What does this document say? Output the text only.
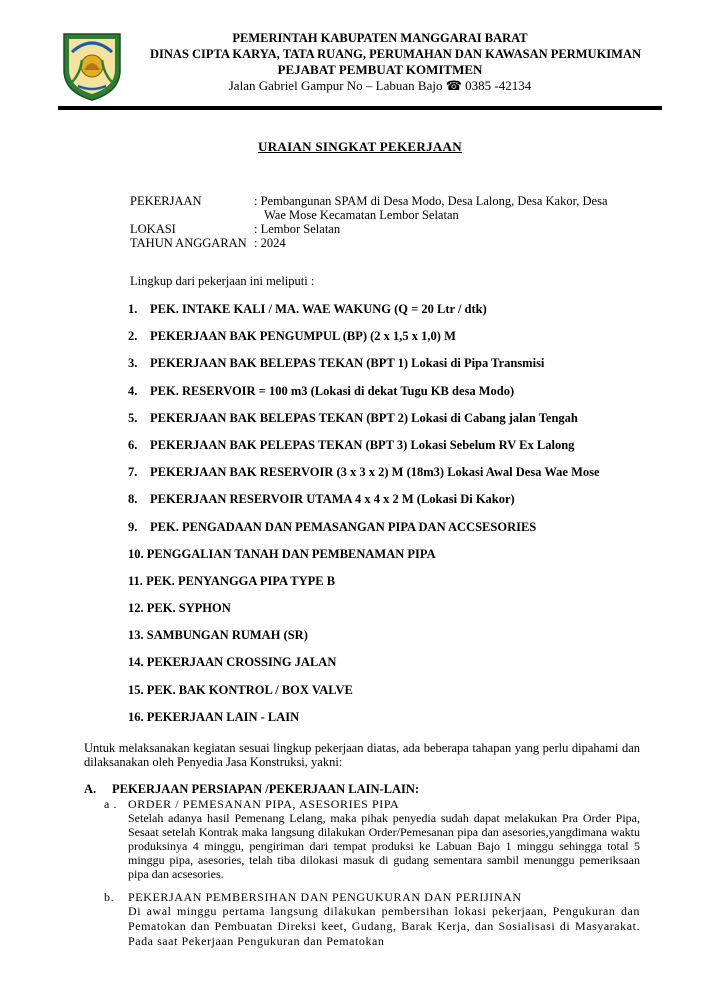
PEMERINTAH KABUPATEN MANGGARAI BARAT
DINAS CIPTA KARYA, TATA RUANG, PERUMAHAN DAN KAWASAN PERMUKIMAN
PEJABAT PEMBUAT KOMITMEN
Jalan Gabriel Gampur No – Labuan Bajo ☎ 0385 -42134
URAIAN SINGKAT PEKERJAAN
PEKERJAAN	: Pembangunan SPAM di Desa Modo, Desa Lalong, Desa Kakor, Desa
Wae Mose Kecamatan Lembor Selatan
LOKASI	: Lembor Selatan
TAHUN ANGGARAN : 2024
Lingkup dari pekerjaan ini meliputi :
1.	PEK. INTAKE KALI / MA. WAE WAKUNG (Q = 20 Ltr / dtk)
2.	PEKERJAAN BAK PENGUMPUL (BP) (2 x 1,5 x 1,0) M
3.	PEKERJAAN BAK BELEPAS TEKAN (BPT 1) Lokasi di Pipa Transmisi
4.	PEK. RESERVOIR = 100 m3 (Lokasi di dekat Tugu KB desa Modo)
5.	PEKERJAAN BAK BELEPAS TEKAN (BPT 2) Lokasi di Cabang jalan Tengah
6.	PEKERJAAN BAK PELEPAS TEKAN (BPT 3) Lokasi Sebelum RV Ex Lalong
7.	PEKERJAAN BAK RESERVOIR (3 x 3 x 2) M (18m3) Lokasi Awal Desa Wae Mose
8.	PEKERJAAN RESERVOIR UTAMA 4 x 4 x 2 M (Lokasi Di Kakor)
9.	PEK. PENGADAAN DAN PEMASANGAN PIPA DAN ACCSESORIES
10.
PENGGALIAN TANAH DAN PEMBENAMAN PIPA
11.
PEK. PENYANGGA PIPA TYPE B
12.
PEK. SYPHON
13.
SAMBUNGAN RUMAH (SR)
14.
PEKERJAAN CROSSING JALAN
15.
PEK. BAK KONTROL / BOX VALVE
16.
PEKERJAAN LAIN - LAIN
Untuk melaksanakan kegiatan sesuai lingkup pekerjaan diatas, ada beberapa tahapan yang perlu dipahami dan dilaksanakan oleh Penyedia Jasa Konstruksi, yakni:
A. PEKERJAAN PERSIAPAN /PEKERJAAN LAIN-LAIN:
a . ORDER / PEMESANAN PIPA, ASESORIES PIPA
Setelah adanya hasil Pemenang Lelang, maka pihak penyedia sudah dapat melakukan Pra Order Pipa, Sesaat setelah Kontrak maka langsung dilakukan Order/Pemesanan pipa dan asesories,yangdimana waktu produksinya 4 minggu, pengiriman dari tempat produksi ke Labuan Bajo 1 minggu sehingga total 5 minggu pipa, asesories, telah tiba dilokasi masuk di gudang sementara sambil menunggu pemeriksaan pipa dan acsesories.
b. PEKERJAAN PEMBERSIHAN DAN PENGUKURAN DAN PERIJINAN
Di awal minggu pertama langsung dilakukan pembersihan lokasi pekerjaan, Pengukuran dan Pematokan dan Pembuatan Direksi keet, Gudang, Barak Kerja, dan Sosialisasi di Masyarakat. Pada saat Pekerjaan Pengukuran dan Pematokan
